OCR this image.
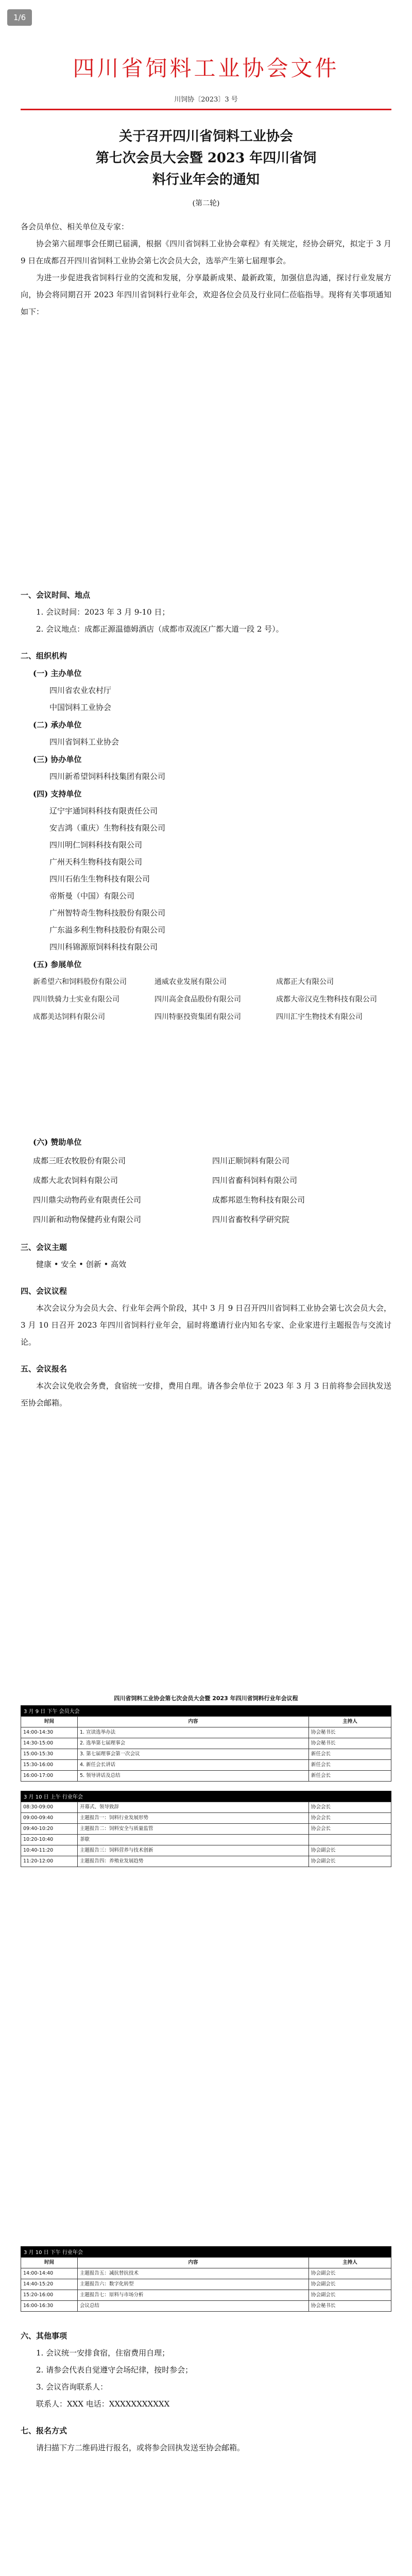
1/6
四川省饲料工业协会文件
川饲协〔2023〕3 号
关于召开四川省饲料工业协会
第七次会员大会暨 2023 年四川省饲
料行业年会的通知
(第二轮)

各会员单位、相关单位及专家：

协会第六届理事会任期已届满，根据《四川省饲料工业协会章程》有关规定，经协会研究，拟定于 3 月 9 日在成都召开四川省饲料工业协会第七次会员大会，选举产生第七届理事会。

为进一步促进我省饲料行业的交流和发展，分享最新成果、最新政策，加强信息沟通，探讨行业发展方向，协会将同期召开 2023 年四川省饲料行业年会，欢迎各位会员及行业同仁莅临指导。现将有关事项通知如下：

一、会议时间、地点

1. 会议时间：2023 年 3 月 9-10 日；

2. 会议地点：成都正源温德姆酒店（成都市双流区广都大道一段 2 号）。

二、组织机构
(一) 主办单位
四川省农业农村厅
中国饲料工业协会
(二) 承办单位
四川省饲料工业协会
(三) 协办单位
四川新希望饲料科技集团有限公司
(四) 支持单位
辽宁宇通饲料科技有限责任公司
安吉鸿（重庆）生物科技有限公司
四川明仁饲料科技有限公司
广州天科生物科技有限公司
四川石佑生生物科技有限公司
帝斯曼（中国）有限公司
广州智特奇生物科技股份有限公司
广东溢多利生物科技股份有限公司
四川科锦源原饲料科技有限公司
(五) 参展单位
新希望六和饲料股份有限公司	通威农业发展有限公司	成都正大有限公司
四川铁骑力士实业有限公司	四川高金食品股份有限公司	成都大帝汉克生物科技有限公司
成都美达饲料有限公司	四川特驱投资集团有限公司	四川汇宇生物技术有限公司
(六) 赞助单位
成都三旺农牧股份有限公司	四川正顺饲料有限公司
成都大北农饲料有限公司	四川省畜科饲料有限公司
四川鼎尖动物药业有限责任公司	成都邦恩生物科技有限公司
四川新和动物保健药业有限公司	四川省畜牧科学研究院
三、会议主题

健康 • 安全 • 创新 • 高效

四、会议议程

本次会议分为会员大会、行业年会两个阶段，其中 3 月 9 日召开四川省饲料工业协会第七次会员大会，3 月 10 日召开 2023 年四川省饲料行业年会，届时将邀请行业内知名专家、企业家进行主题报告与交流讨论。

五、会议报名

本次会议免收会务费，食宿统一安排，费用自理。请各参会单位于 2023 年 3 月 3 日前将参会回执发送至协会邮箱。

四川省饲料工业协会第七次会员大会暨 2023 年四川省饲料行业年会议程
3 月 9 日 下午 会员大会
时间	内容	主持人
14:00-14:30	1. 宣读选举办法	协会秘书长
14:30-15:00	2. 选举第七届理事会	协会秘书长
15:00-15:30	3. 第七届理事会第一次会议	新任会长
15:30-16:00	4. 新任会长讲话	新任会长
16:00-17:00	5. 领导讲话及总结	新任会长
3 月 10 日 上午 行业年会
08:30-09:00	开幕式、领导致辞	协会会长
09:00-09:40	主题报告一：饲料行业发展形势	协会会长
09:40-10:20	主题报告二：饲料安全与质量监管	协会会长
10:20-10:40	茶歇	
10:40-11:20	主题报告三：饲料营养与技术创新	协会副会长
11:20-12:00	主题报告四：养殖业发展趋势	协会副会长
3 月 10 日 下午 行业年会
时间	内容	主持人
14:00-14:40	主题报告五：减抗替抗技术	协会副会长
14:40-15:20	主题报告六：数字化转型	协会副会长
15:20-16:00	主题报告七：原料与市场分析	协会副会长
16:00-16:30	会议总结	协会秘书长
六、其他事项

1. 会议统一安排食宿，住宿费用自理；

2. 请参会代表自觉遵守会场纪律，按时参会；

3. 会议咨询联系人：

联系人：XXX 电话：XXXXXXXXXXX

七、报名方式

请扫描下方二维码进行报名，或将参会回执发送至协会邮箱。
